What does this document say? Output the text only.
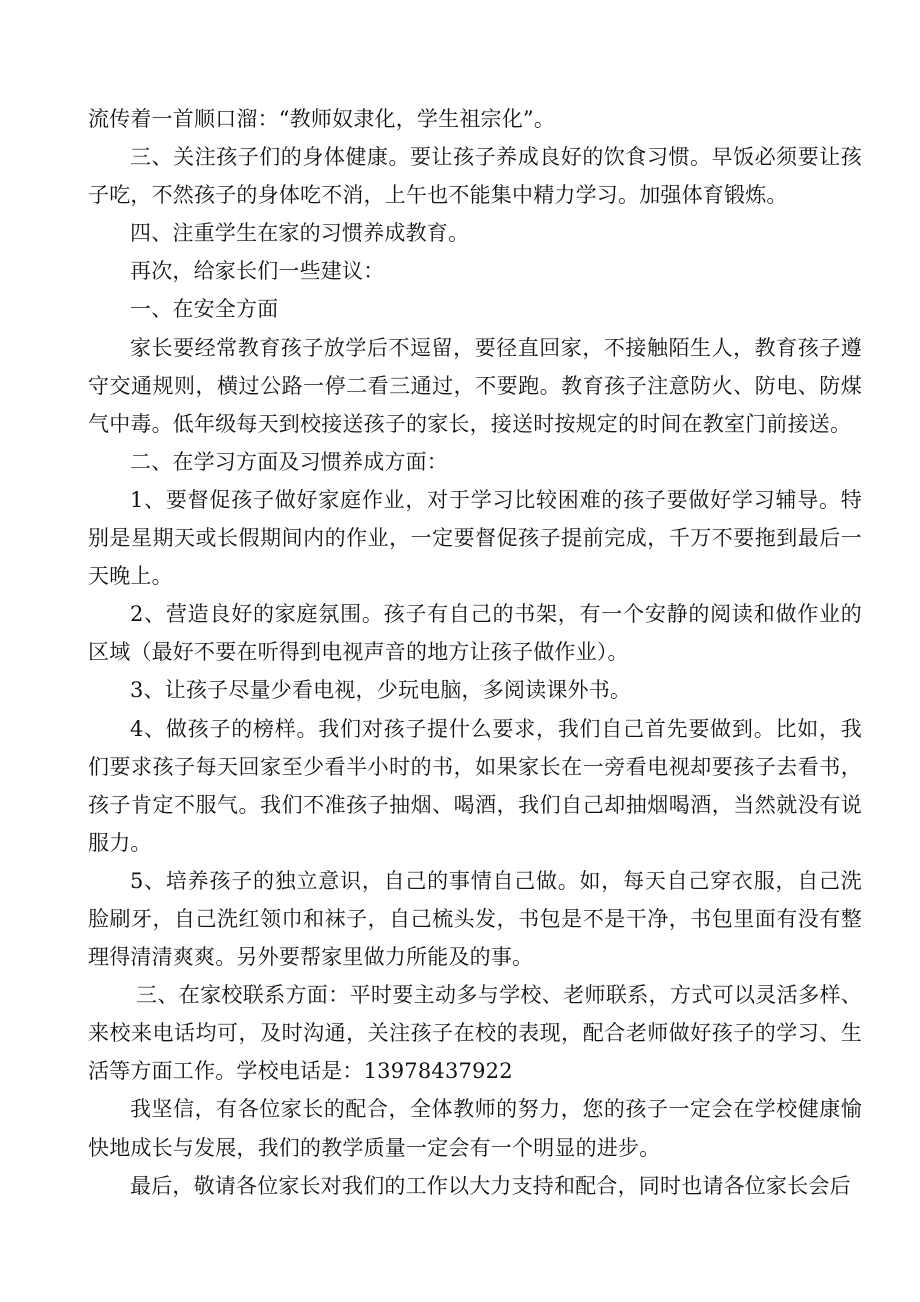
流传着一首顺口溜：“教师奴隶化，学生祖宗化”。

三、关注孩子们的身体健康。要让孩子养成良好的饮食习惯。早饭必须要让孩子吃，不然孩子的身体吃不消，上午也不能集中精力学习。加强体育锻炼。

四、注重学生在家的习惯养成教育。

再次，给家长们一些建议：

一、在安全方面

家长要经常教育孩子放学后不逗留，要径直回家，不接触陌生人，教育孩子遵守交通规则，横过公路一停二看三通过，不要跑。教育孩子注意防火、防电、防煤气中毒。低年级每天到校接送孩子的家长，接送时按规定的时间在教室门前接送。

二、在学习方面及习惯养成方面：

1、要督促孩子做好家庭作业，对于学习比较困难的孩子要做好学习辅导。特别是星期天或长假期间内的作业，一定要督促孩子提前完成，千万不要拖到最后一天晚上。

2、营造良好的家庭氛围。孩子有自己的书架，有一个安静的阅读和做作业的区域（最好不要在听得到电视声音的地方让孩子做作业）。

3、让孩子尽量少看电视，少玩电脑，多阅读课外书。

4、做孩子的榜样。我们对孩子提什么要求，我们自己首先要做到。比如，我们要求孩子每天回家至少看半小时的书，如果家长在一旁看电视却要孩子去看书，孩子肯定不服气。我们不准孩子抽烟、喝酒，我们自己却抽烟喝酒，当然就没有说服力。

5、培养孩子的独立意识，自己的事情自己做。如，每天自己穿衣服，自己洗脸刷牙，自己洗红领巾和袜子，自己梳头发，书包是不是干净，书包里面有没有整理得清清爽爽。另外要帮家里做力所能及的事。

三、在家校联系方面：平时要主动多与学校、老师联系，方式可以灵活多样、来校来电话均可，及时沟通，关注孩子在校的表现，配合老师做好孩子的学习、生活等方面工作。学校电话是：13978437922

我坚信，有各位家长的配合，全体教师的努力，您的孩子一定会在学校健康愉快地成长与发展，我们的教学质量一定会有一个明显的进步。

最后，敬请各位家长对我们的工作以大力支持和配合，同时也请各位家长会后
